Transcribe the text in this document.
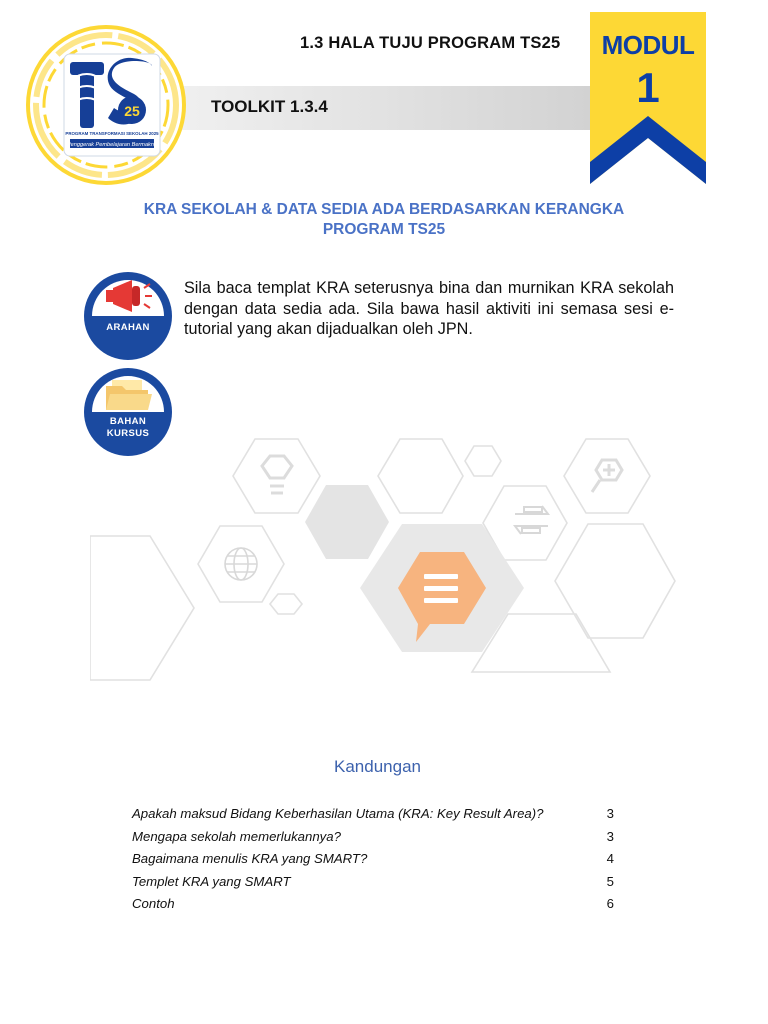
1.3 HALA TUJU PROGRAM TS25
TOOLKIT 1.3.4
25
PROGRAM TRANSFORMASI SEKOLAH 2025
Penggerak Pembelajaran Bermakna
MODUL
1
KRA SEKOLAH & DATA SEDIA ADA BERDASARKAN KERANGKA
PROGRAM TS25
ARAHAN
BAHAN
KURSUS
Sila baca templat KRA seterusnya bina dan murnikan KRA sekolah dengan data sedia ada. Sila bawa hasil aktiviti ini semasa sesi e-tutorial yang akan dijadualkan oleh JPN.
Kandungan
Apakah maksud Bidang Keberhasilan Utama (KRA: Key Result Area)?	3
Mengapa sekolah memerlukannya?	3
Bagaimana menulis KRA yang SMART?	4
Templet KRA yang SMART	5
Contoh	6
